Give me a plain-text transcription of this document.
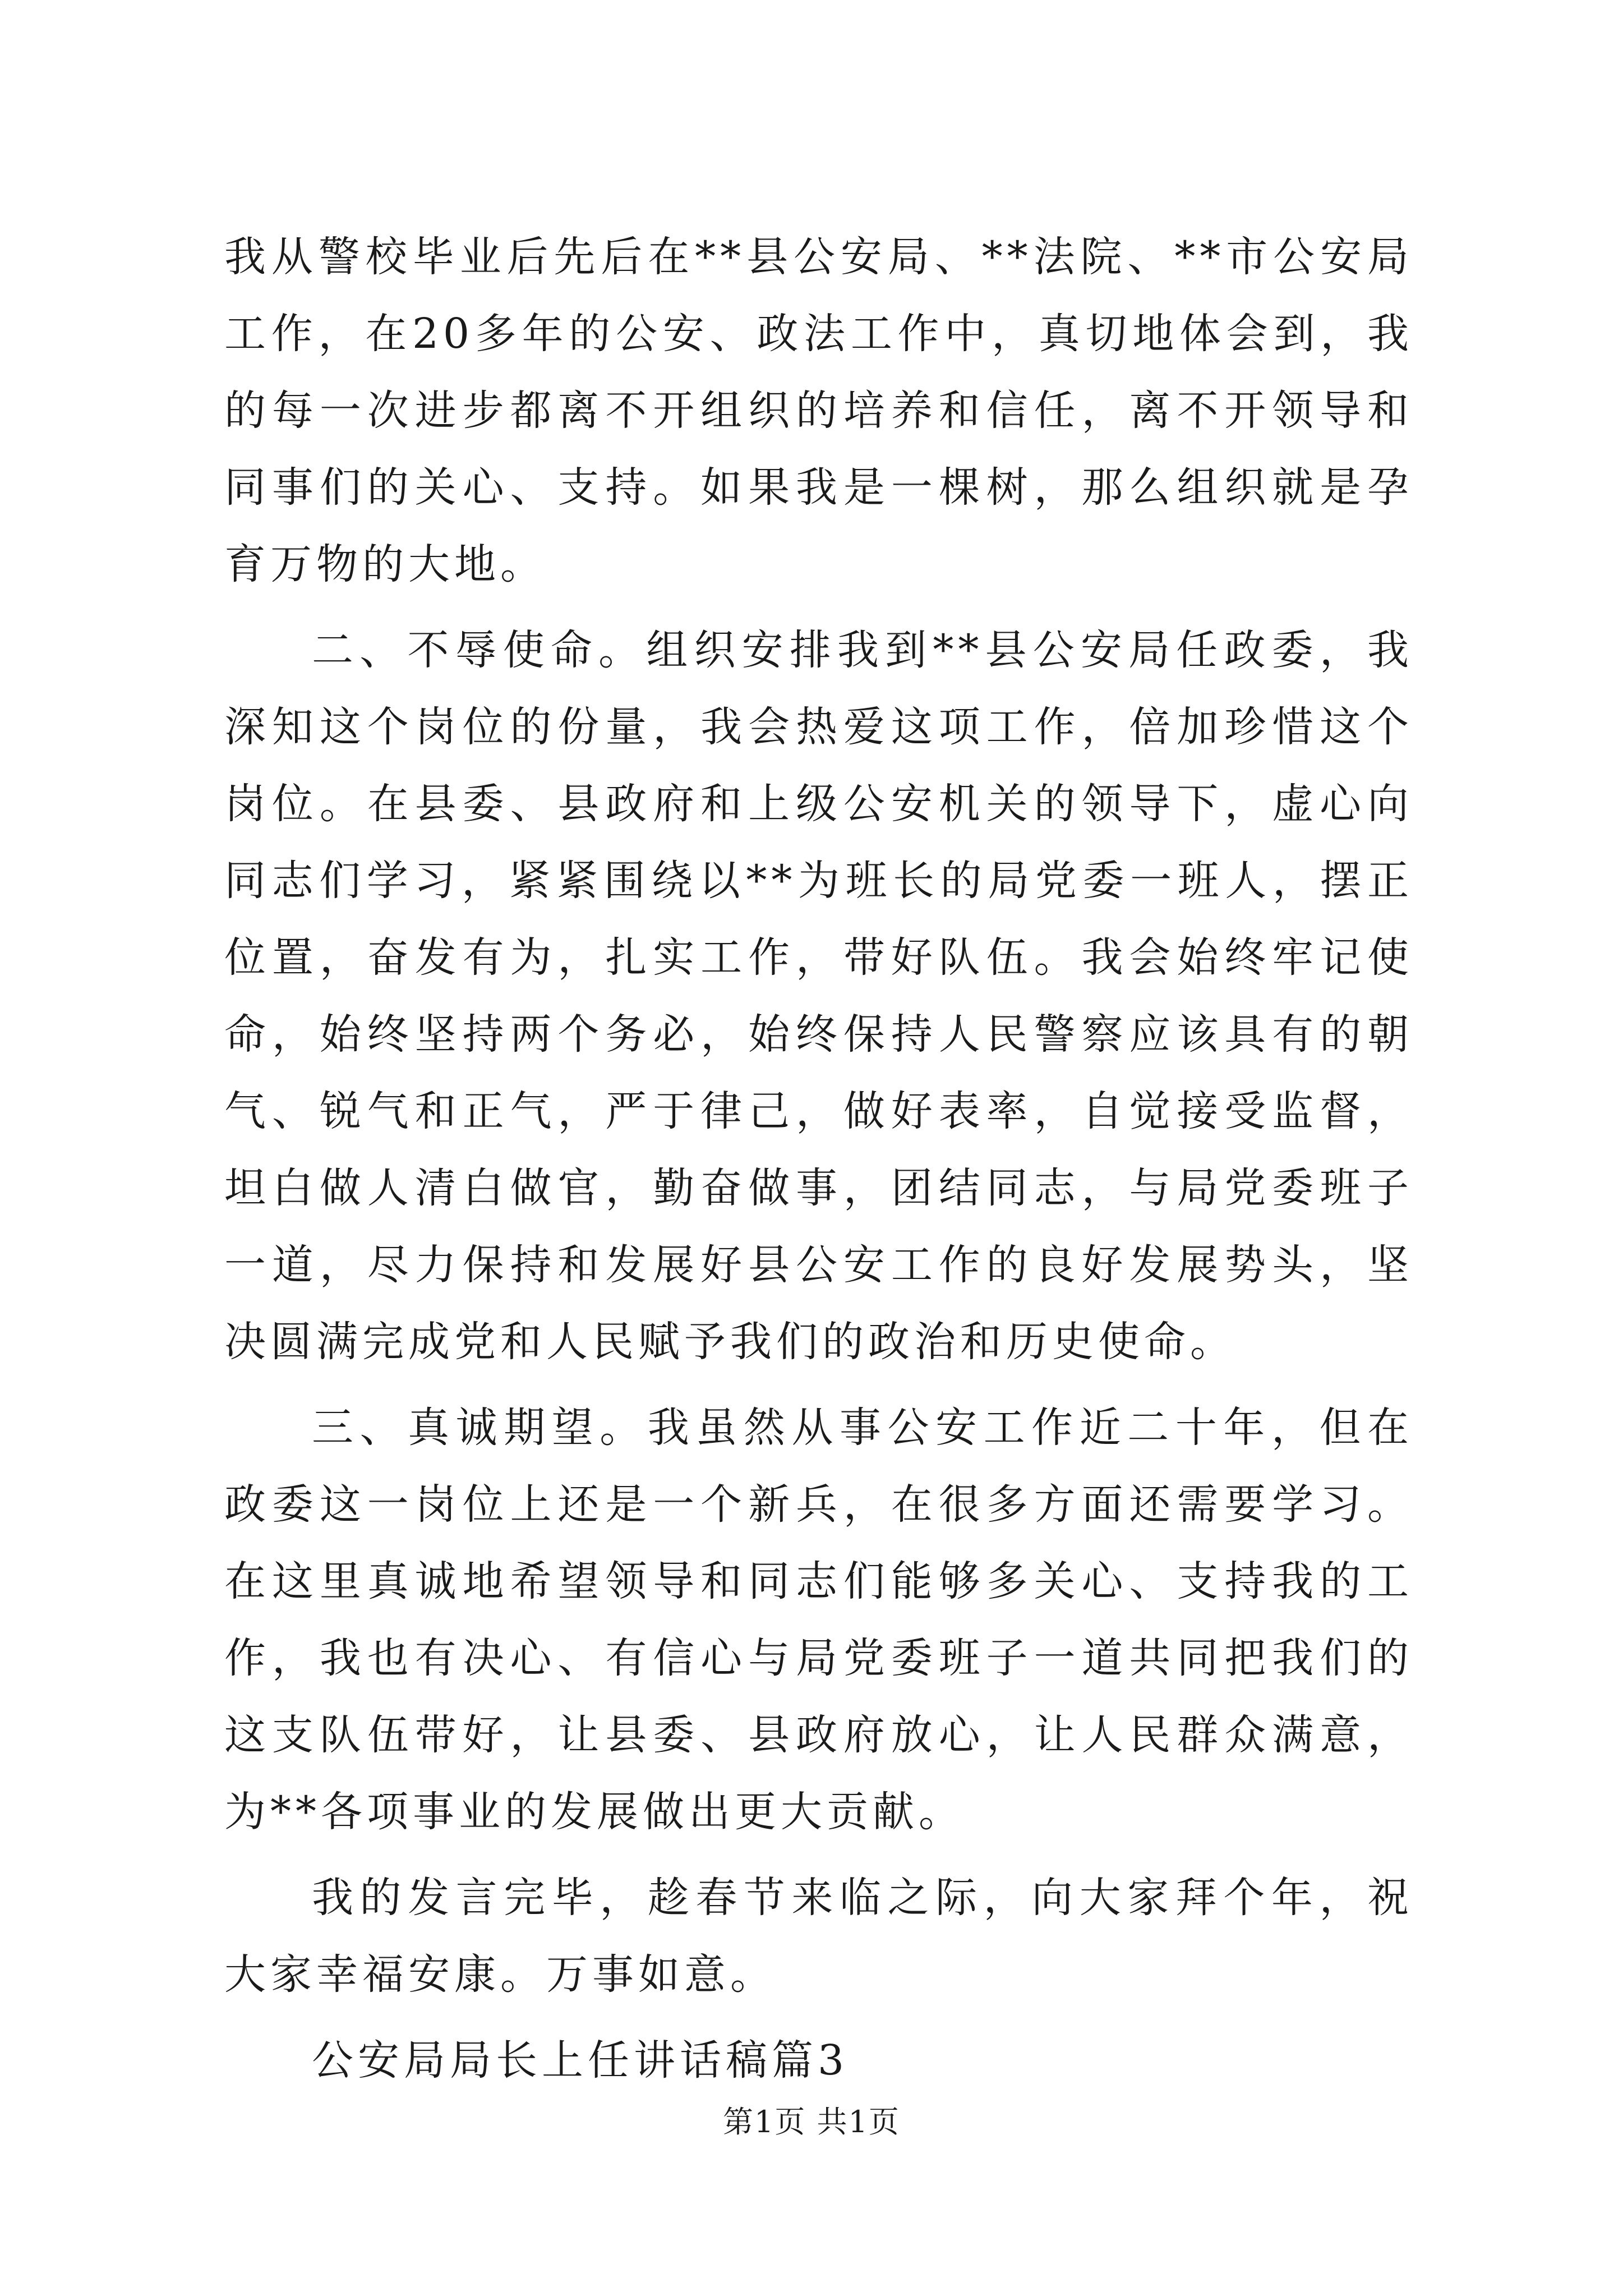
我从警校毕业后先后在**县公安局、**法院、**市公安局工作，在20多年的公安、政法工作中，真切地体会到，我的每一次进步都离不开组织的培养和信任，离不开领导和同事们的关心、支持。如果我是一棵树，那么组织就是孕育万物的大地。

二、不辱使命。组织安排我到**县公安局任政委，我深知这个岗位的份量，我会热爱这项工作，倍加珍惜这个岗位。在县委、县政府和上级公安机关的领导下，虚心向同志们学习，紧紧围绕以**为班长的局党委一班人，摆正位置，奋发有为，扎实工作，带好队伍。我会始终牢记使命，始终坚持两个务必，始终保持人民警察应该具有的朝气、锐气和正气，严于律己，做好表率，自觉接受监督，坦白做人清白做官，勤奋做事，团结同志，与局党委班子一道，尽力保持和发展好县公安工作的良好发展势头，坚决圆满完成党和人民赋予我们的政治和历史使命。

三、真诚期望。我虽然从事公安工作近二十年，但在政委这一岗位上还是一个新兵，在很多方面还需要学习。在这里真诚地希望领导和同志们能够多关心、支持我的工作，我也有决心、有信心与局党委班子一道共同把我们的这支队伍带好，让县委、县政府放心，让人民群众满意，为**各项事业的发展做出更大贡献。

我的发言完毕，趁春节来临之际，向大家拜个年，祝大家幸福安康。万事如意。

公安局局长上任讲话稿篇3

第1页 共1页
